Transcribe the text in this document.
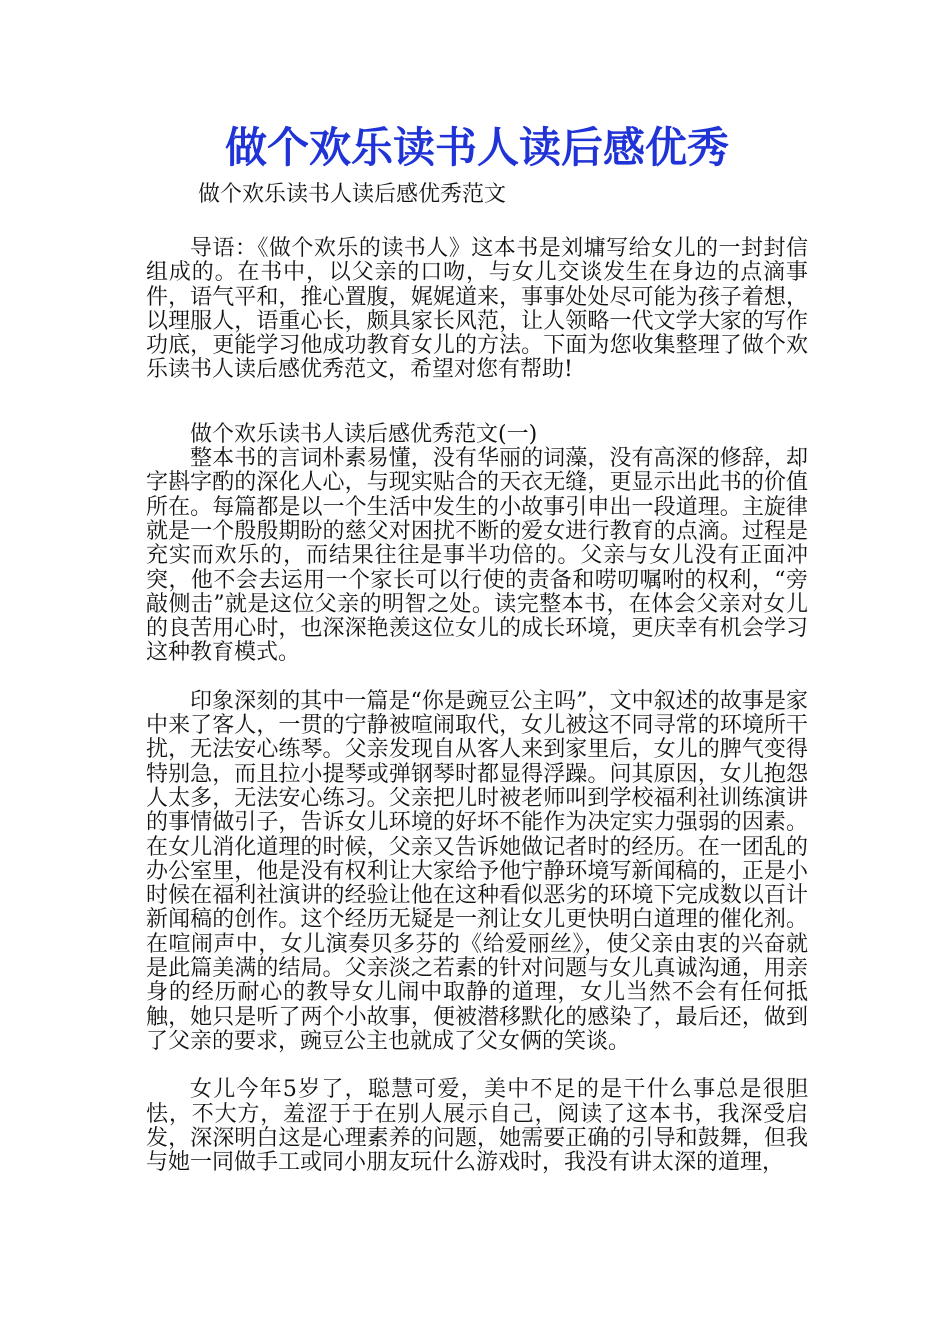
做个欢乐读书人读后感优秀

做个欢乐读书人读后感优秀范文

导语：《做个欢乐的读书人》这本书是刘墉写给女儿的一封封信组成的。在书中，以父亲的口吻，与女儿交谈发生在身边的点滴事件，语气平和，推心置腹，娓娓道来，事事处处尽可能为孩子着想，以理服人，语重心长，颇具家长风范，让人领略一代文学大家的写作功底，更能学习他成功教育女儿的方法。下面为您收集整理了做个欢乐读书人读后感优秀范文，希望对您有帮助!

做个欢乐读书人读后感优秀范文(一)

整本书的言词朴素易懂，没有华丽的词藻，没有高深的修辞，却字斟字酌的深化人心，与现实贴合的天衣无缝，更显示出此书的价值所在。每篇都是以一个生活中发生的小故事引申出一段道理。主旋律就是一个殷殷期盼的慈父对困扰不断的爱女进行教育的点滴。过程是充实而欢乐的，而结果往往是事半功倍的。父亲与女儿没有正面冲突，他不会去运用一个家长可以行使的责备和唠叨嘱咐的权利，“旁敲侧击”就是这位父亲的明智之处。读完整本书，在体会父亲对女儿的良苦用心时，也深深艳羡这位女儿的成长环境，更庆幸有机会学习这种教育模式。

印象深刻的其中一篇是“你是豌豆公主吗”，文中叙述的故事是家中来了客人，一贯的宁静被喧闹取代，女儿被这不同寻常的环境所干扰，无法安心练琴。父亲发现自从客人来到家里后，女儿的脾气变得特别急，而且拉小提琴或弹钢琴时都显得浮躁。问其原因，女儿抱怨人太多，无法安心练习。父亲把儿时被老师叫到学校福利社训练演讲的事情做引子，告诉女儿环境的好坏不能作为决定实力强弱的因素。在女儿消化道理的时候，父亲又告诉她做记者时的经历。在一团乱的办公室里，他是没有权利让大家给予他宁静环境写新闻稿的，正是小时候在福利社演讲的经验让他在这种看似恶劣的环境下完成数以百计新闻稿的创作。这个经历无疑是一剂让女儿更快明白道理的催化剂。在喧闹声中，女儿演奏贝多芬的《给爱丽丝》，使父亲由衷的兴奋就是此篇美满的结局。父亲淡之若素的针对问题与女儿真诚沟通，用亲身的经历耐心的教导女儿闹中取静的道理，女儿当然不会有任何抵触，她只是听了两个小故事，便被潜移默化的感染了，最后还，做到了父亲的要求，豌豆公主也就成了父女俩的笑谈。

女儿今年5岁了，聪慧可爱，美中不足的是干什么事总是很胆怯，不大方，羞涩于于在别人展示自己，阅读了这本书，我深受启发，深深明白这是心理素养的问题，她需要正确的引导和鼓舞，但我与她一同做手工或同小朋友玩什么游戏时，我没有讲太深的道理，
